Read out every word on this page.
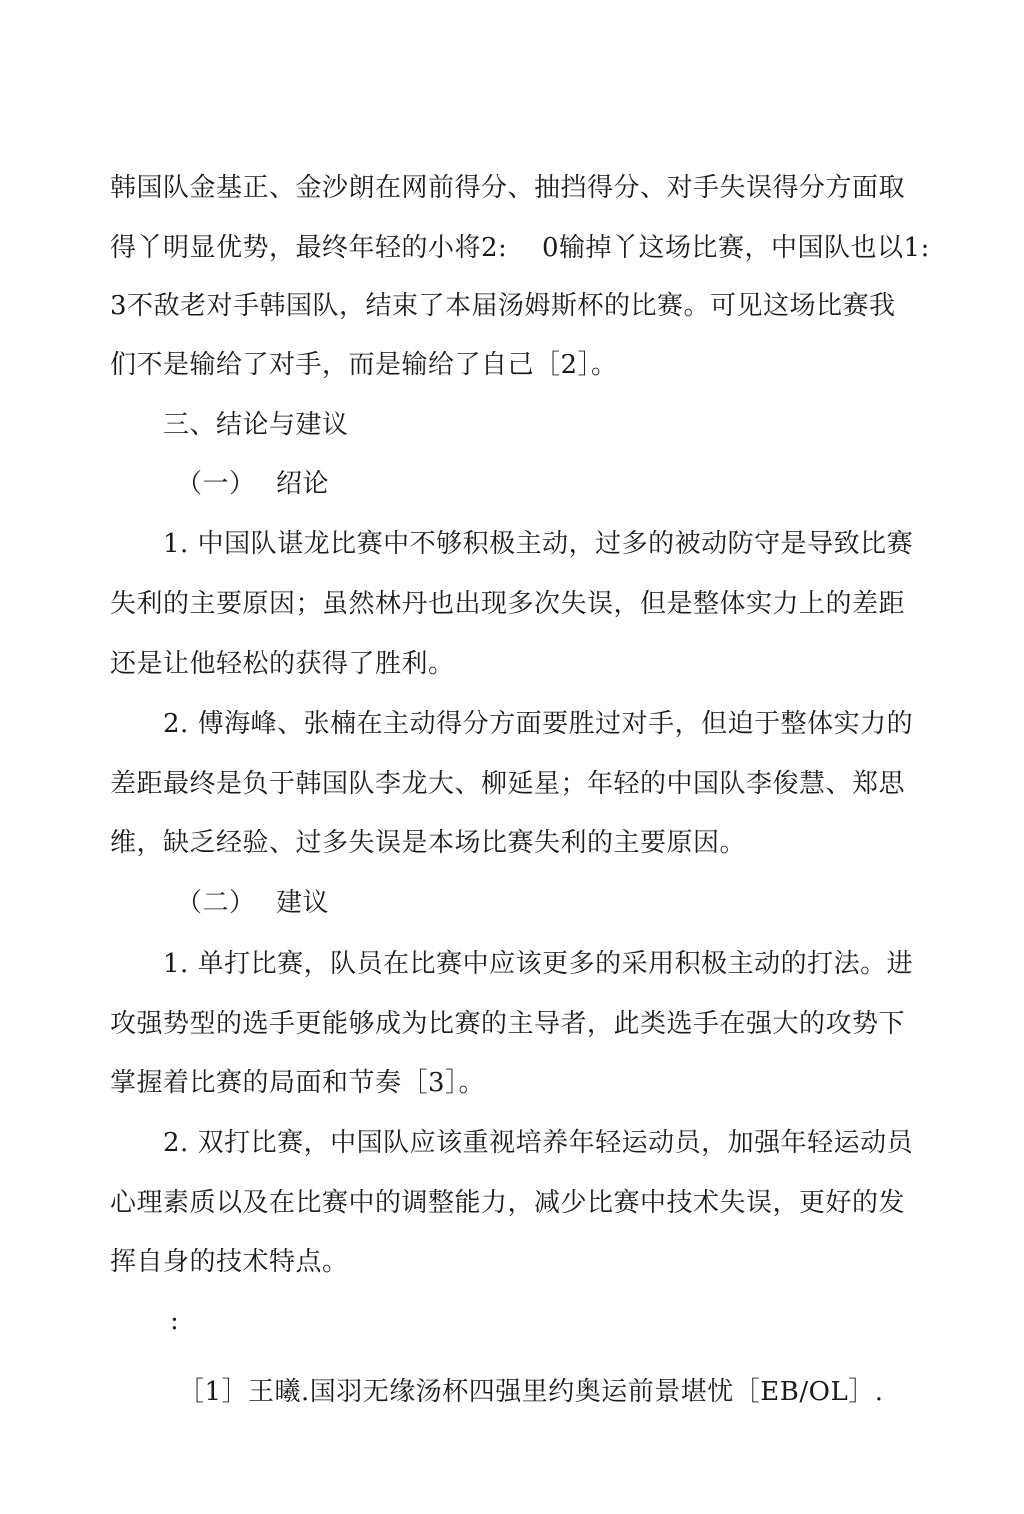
韩国队金基正、金沙朗在网前得分、抽挡得分、对手失误得分方面取
得丫明显优势，最终年轻的小将2: 0输掉丫这场比赛，中国队也以1:
3不敌老对手韩国队，结束了本届汤姆斯杯的比赛。可见这场比赛我
们不是输给了对手，而是输给了自己［2］。
三、结论与建议
（一） 绍论
1. 中国队谌龙比赛中不够积极主动，过多的被动防守是导致比赛
失利的主要原因；虽然林丹也出现多次失误，但是整体实力上的差距
还是让他轻松的获得了胜利。
2. 傅海峰、张楠在主动得分方面要胜过对手，但迫于整体实力的
差距最终是负于韩国队李龙大、柳延星；年轻的中国队李俊慧、郑思
维，缺乏经验、过多失误是本场比赛失利的主要原因。
（二） 建议
1. 单打比赛，队员在比赛中应该更多的采用积极主动的打法。进
攻强势型的选手更能够成为比赛的主导者，此类选手在强大的攻势下
掌握着比赛的局面和节奏［3］。
2. 双打比赛，中国队应该重视培养年轻运动员，加强年轻运动员
心理素质以及在比赛中的调整能力，减少比赛中技术失误，更好的发
挥自身的技术特点。
:
［1］王曦.国羽无缘汤杯四强里约奥运前景堪忧［EB/OL］.
